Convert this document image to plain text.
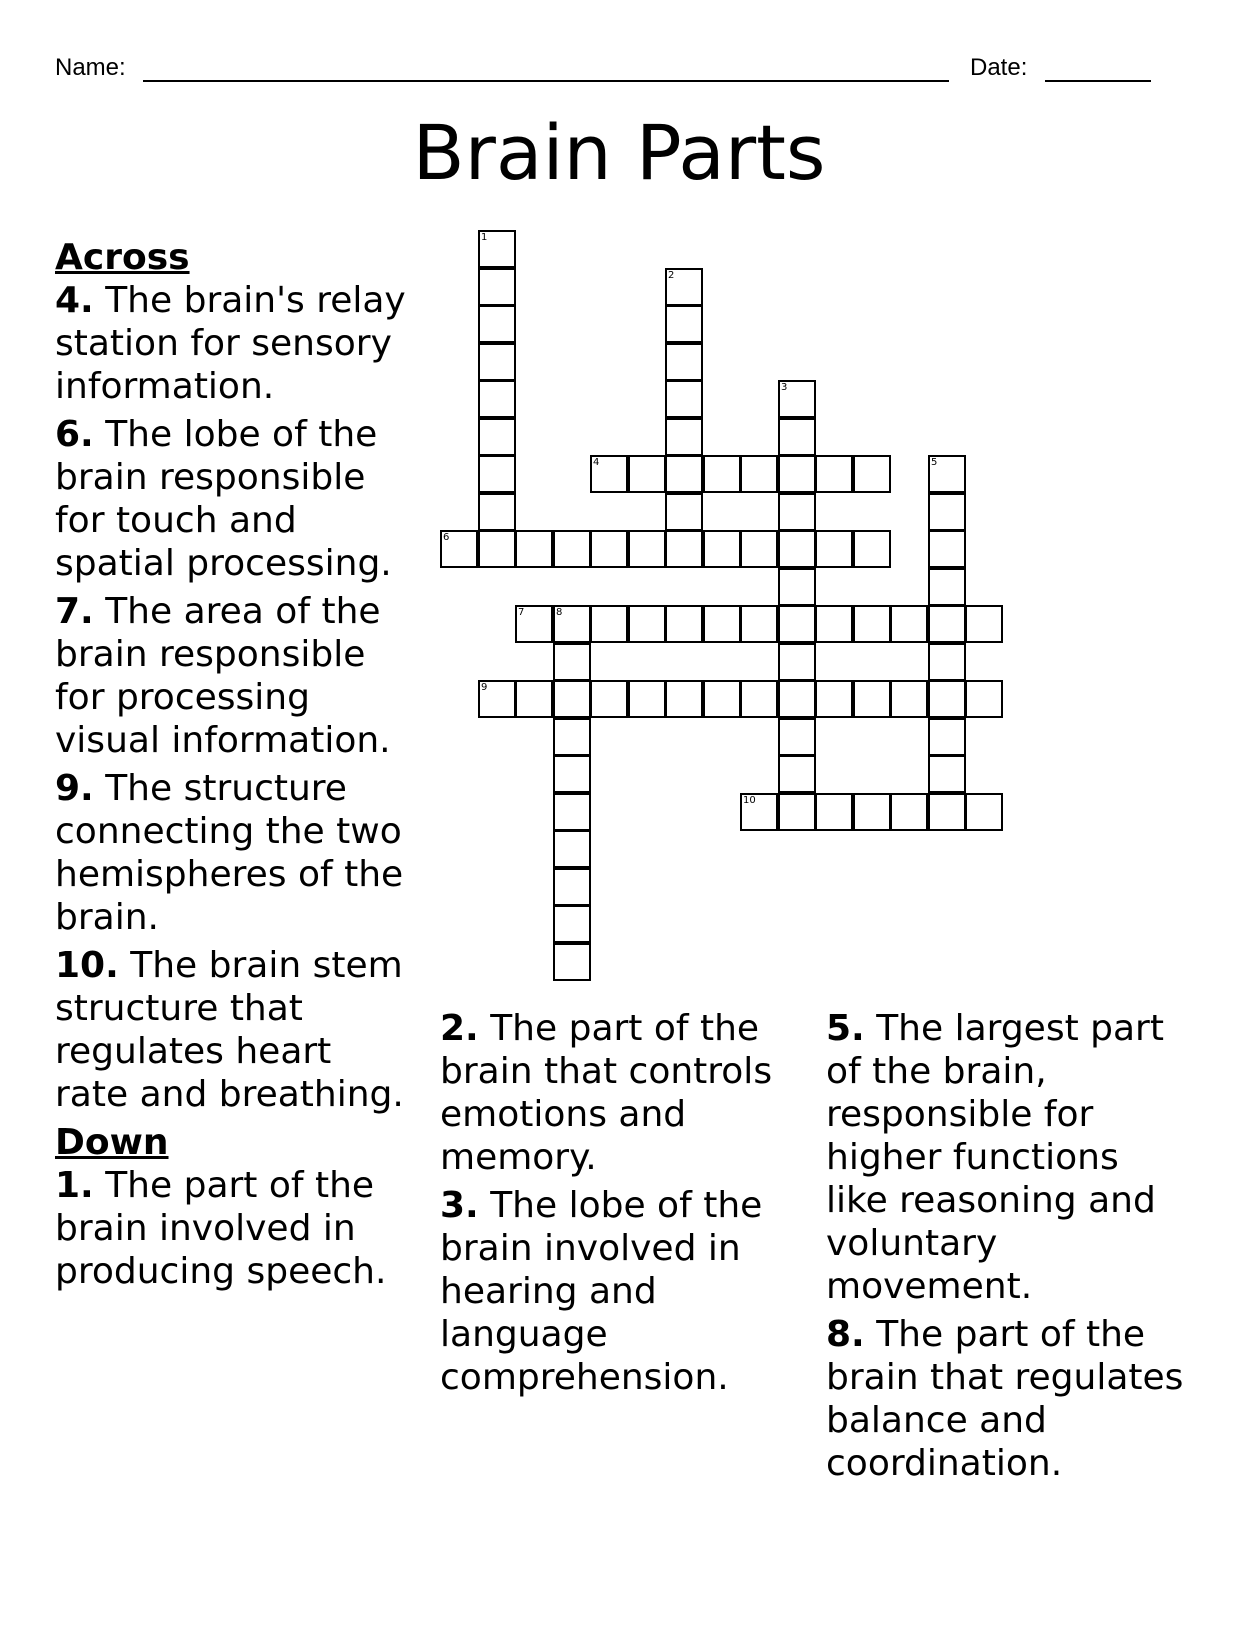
Name:	Date:
Brain Parts
1
2
3
4	5
6
7	8
9
10

Across

4. The brain's relay station for sensory information.

6. The lobe of the brain responsible for touch and spatial processing.

7. The area of the brain responsible for processing visual information.

9. The structure connecting the two hemispheres of the brain.

10. The brain stem structure that regulates heart rate and breathing.

Down

1. The part of the brain involved in producing speech.

2. The part of the brain that controls emotions and memory.

3. The lobe of the brain involved in hearing and language comprehension.

5. The largest part of the brain, responsible for higher functions like reasoning and voluntary movement.

8. The part of the brain that regulates balance and coordination.
